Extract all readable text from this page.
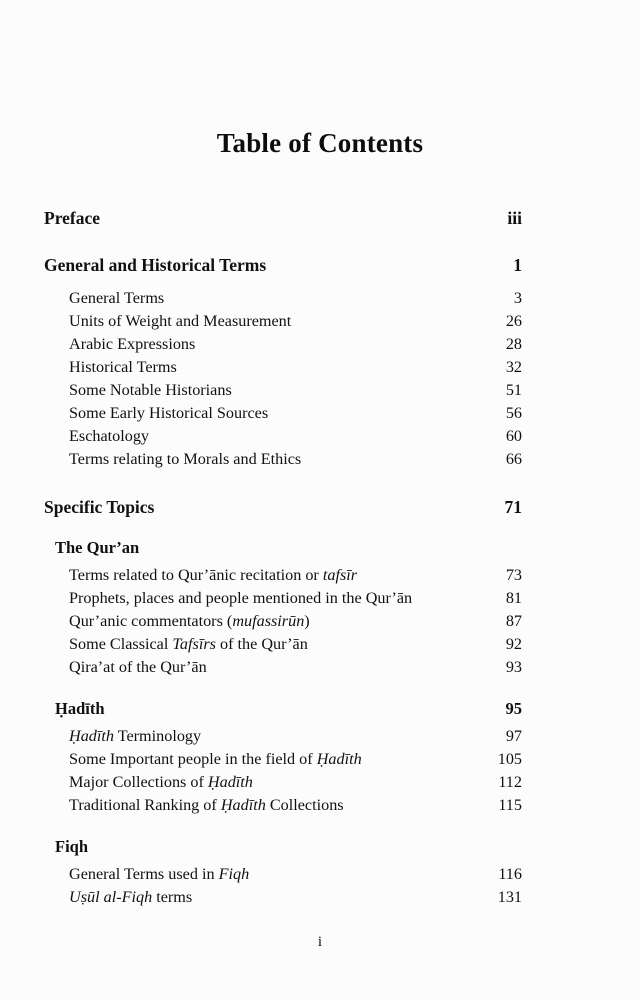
Table of Contents
Preface	iii
General and Historical Terms	1
General Terms	3
Units of Weight and Measurement	26
Arabic Expressions	28
Historical Terms	32
Some Notable Historians	51
Some Early Historical Sources	56
Eschatology	60
Terms relating to Morals and Ethics	66
Specific Topics	71
The Qur’an
Terms related to Qur’ānic recitation or tafsīr	73
Prophets, places and people mentioned in the Qur’ān	81
Qur’anic commentators (mufassirūn)	87
Some Classical Tafsīrs of the Qur’ān	92
Qira’at of the Qur’ān	93
Ḥadīth	95
Ḥadīth Terminology	97
Some Important people in the field of Ḥadīth	105
Major Collections of Ḥadīth	112
Traditional Ranking of Ḥadīth Collections	115
Fiqh
General Terms used in Fiqh	116
Uṣūl al-Fiqh terms	131
i
